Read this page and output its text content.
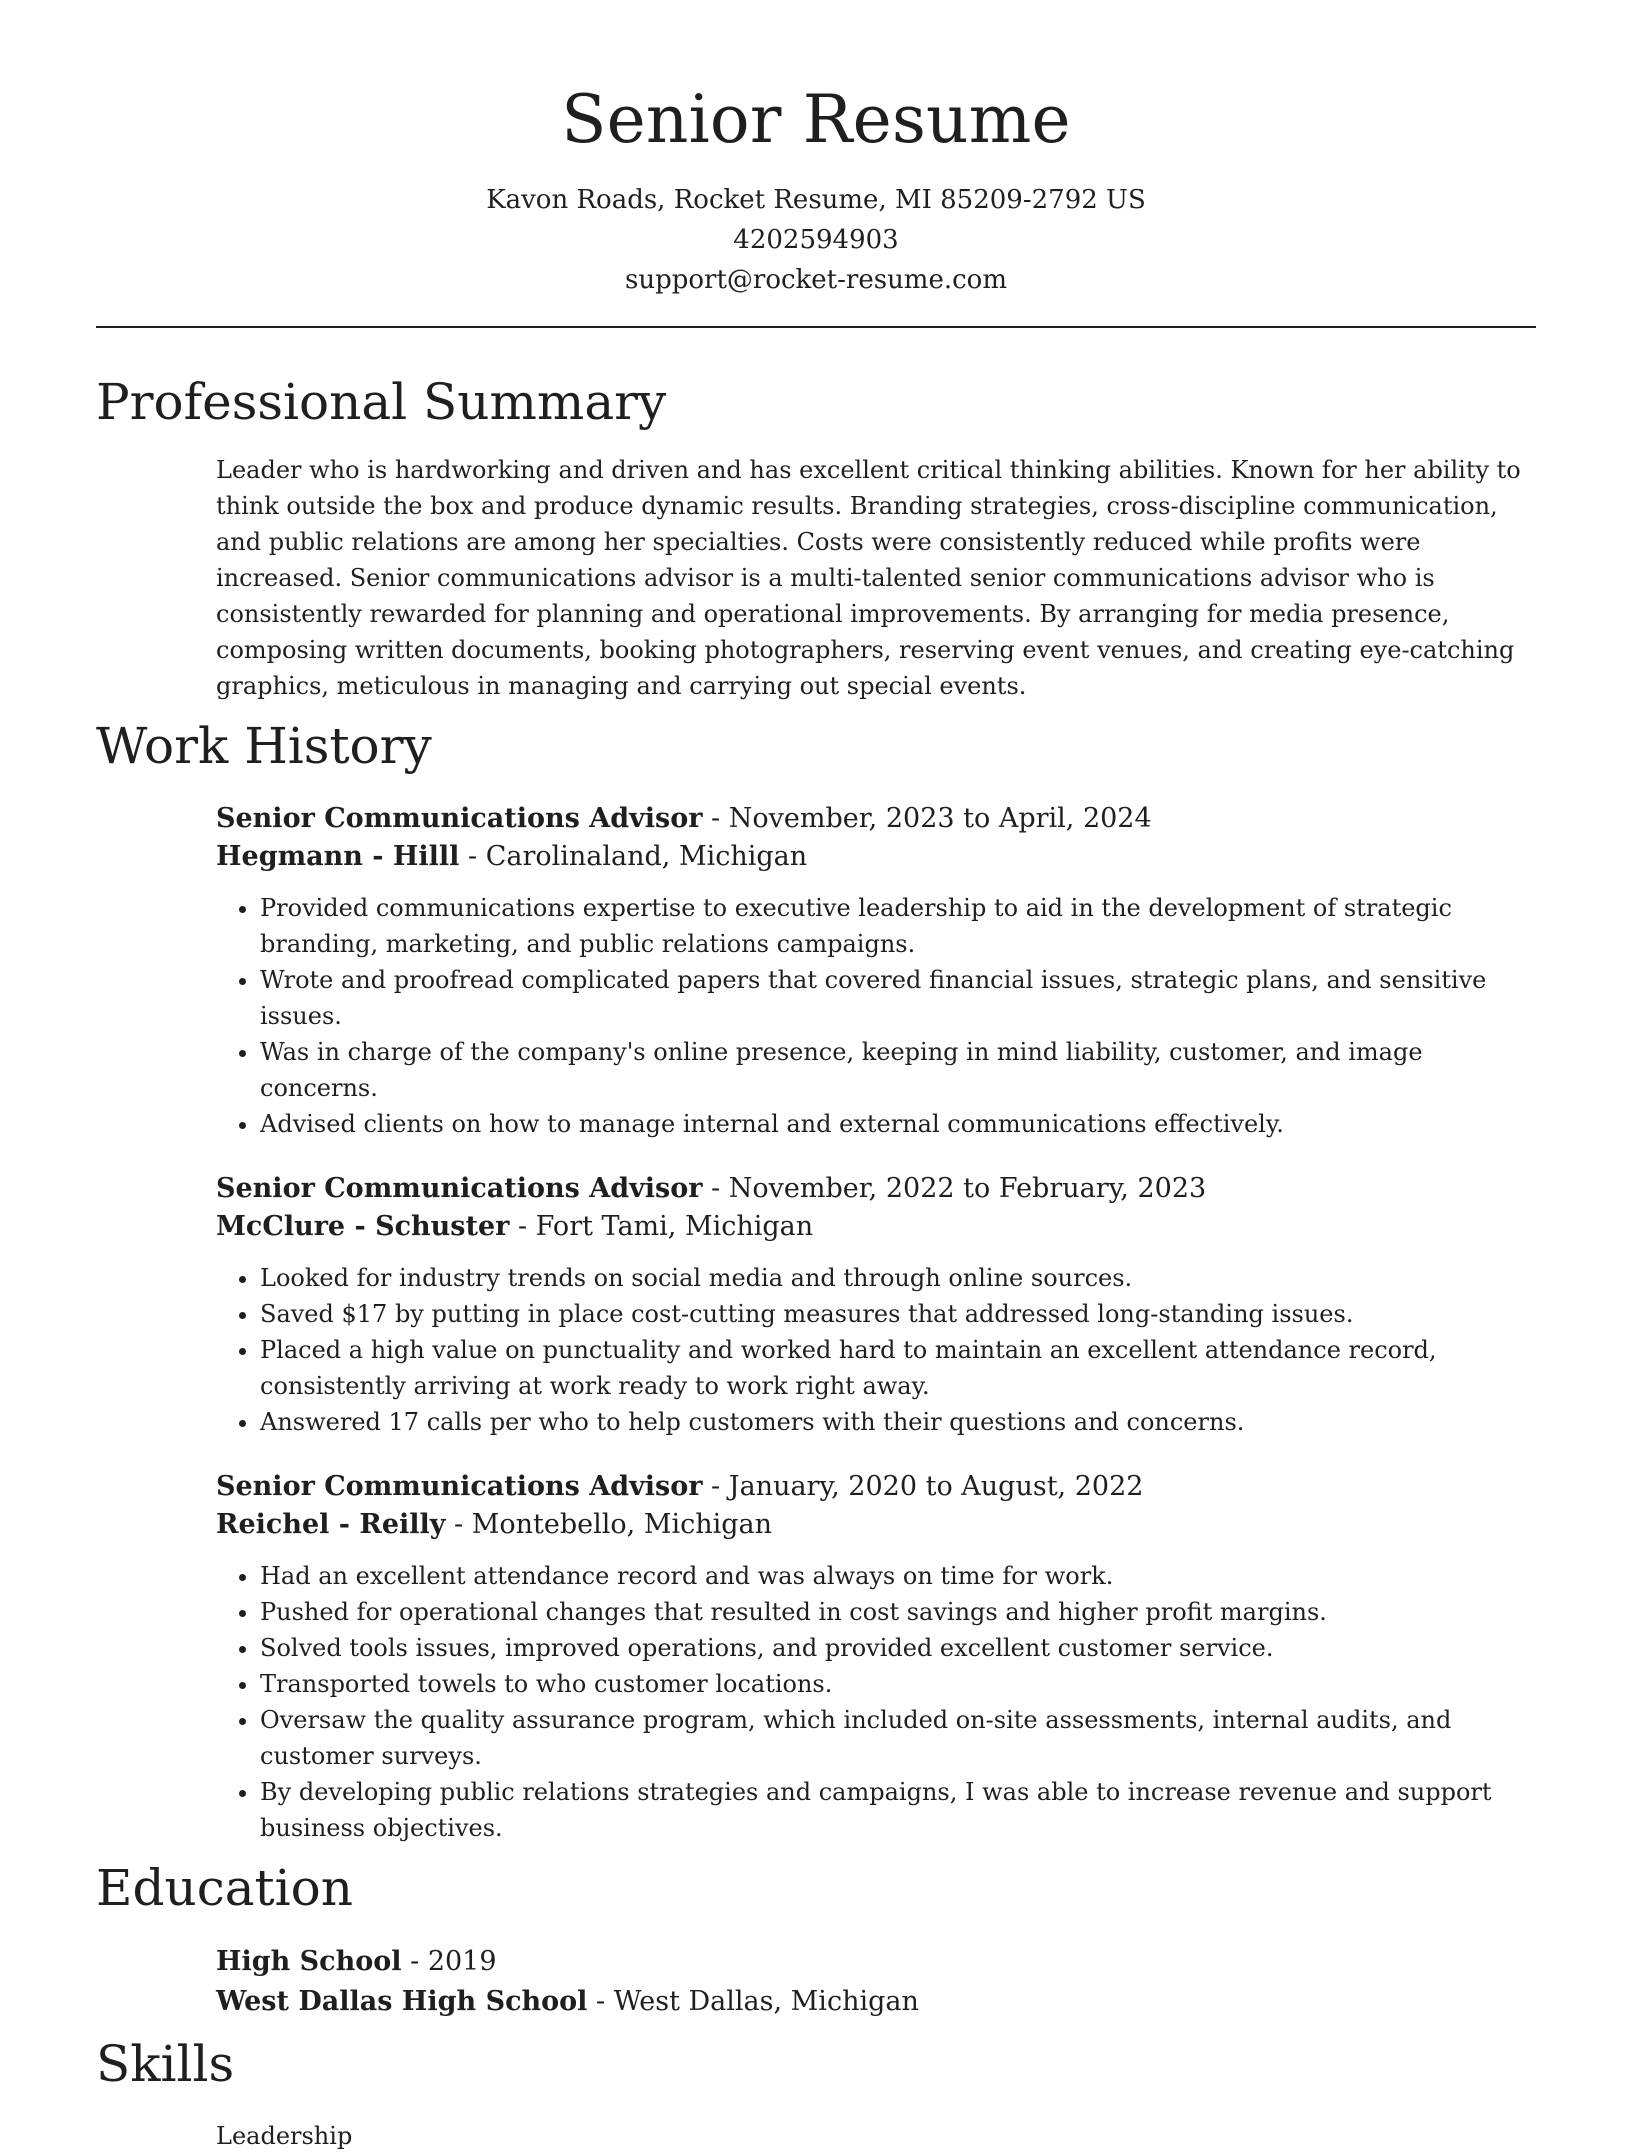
Senior Resume
Kavon Roads, Rocket Resume, MI 85209-2792 US
4202594903
support@rocket-resume.com
Professional Summary

Leader who is hardworking and driven and has excellent critical thinking abilities. Known for her ability to think outside the box and produce dynamic results. Branding strategies, cross-discipline communication, and public relations are among her specialties. Costs were consistently reduced while profits were increased. Senior communications advisor is a multi-talented senior communications advisor who is consistently rewarded for planning and operational improvements. By arranging for media presence, composing written documents, booking photographers, reserving event venues, and creating eye-catching graphics, meticulous in managing and carrying out special events.

Work History
Senior Communications Advisor - November, 2023 to April, 2024
Hegmann - Hilll - Carolinaland, Michigan
• Provided communications expertise to executive leadership to aid in the development of strategic branding, marketing, and public relations campaigns.
• Wrote and proofread complicated papers that covered financial issues, strategic plans, and sensitive issues.
• Was in charge of the company's online presence, keeping in mind liability, customer, and image concerns.
• Advised clients on how to manage internal and external communications effectively.
Senior Communications Advisor - November, 2022 to February, 2023
McClure - Schuster - Fort Tami, Michigan
• Looked for industry trends on social media and through online sources.
• Saved $17 by putting in place cost-cutting measures that addressed long-standing issues.
• Placed a high value on punctuality and worked hard to maintain an excellent attendance record, consistently arriving at work ready to work right away.
• Answered 17 calls per who to help customers with their questions and concerns.
Senior Communications Advisor - January, 2020 to August, 2022
Reichel - Reilly - Montebello, Michigan
• Had an excellent attendance record and was always on time for work.
• Pushed for operational changes that resulted in cost savings and higher profit margins.
• Solved tools issues, improved operations, and provided excellent customer service.
• Transported towels to who customer locations.
• Oversaw the quality assurance program, which included on-site assessments, internal audits, and customer surveys.
• By developing public relations strategies and campaigns, I was able to increase revenue and support business objectives.
Education
High School - 2019
West Dallas High School - West Dallas, Michigan
Skills
Leadership
